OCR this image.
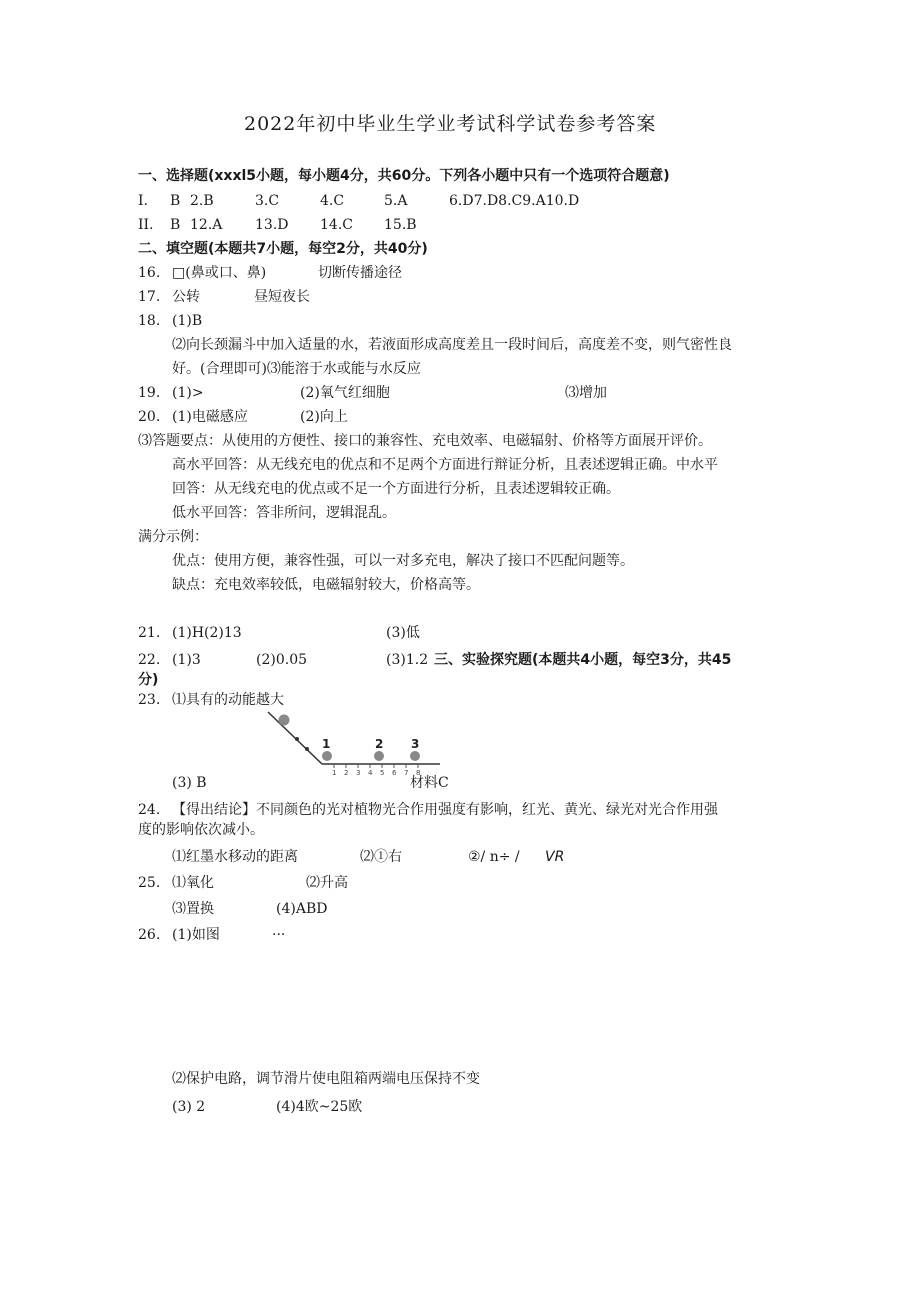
2022年初中毕业生学业考试科学试卷参考答案
一、选择题(xxxl5小题，每小题4分，共60分。下列各小题中只有一个选项符合题意)
I. B 2.B	3.C	4.C	5.A	6.D7.D8.C9.A10.D
II. B 12.A 13.D 14.C 15.B
二、填空题(本题共7小题，每空2分，共40分)
16. □(鼻或口、鼻)	切断传播途径
17. 公转	昼短夜长
18. (1)B
⑵向长颈漏斗中加入适量的水，若液面形成高度差且一段时间后，高度差不变，则气密性良
好。(合理即可)⑶能溶于水或能与水反应
19. (1)>	(2)氧气红细胞	⑶增加
20. (1)电磁感应	(2)向上
⑶答题要点：从使用的方便性、接口的兼容性、充电效率、电磁辐射、价格等方面展开评价。
高水平回答：从无线充电的优点和不足两个方面进行辩证分析，且表述逻辑正确。中水平
回答：从无线充电的优点或不足一个方面进行分析，且表述逻辑较正确。
低水平回答：答非所问，逻辑混乱。
满分示例：
优点：使用方便，兼容性强，可以一对多充电，解决了接口不匹配问题等。
缺点：充电效率较低，电磁辐射较大，价格高等。
21. (1)H(2)13	(3)低
22. (1)3	(2)0.05	(3)1.2 三、实验探究题(本题共4小题，每空3分，共45
分)
23. ⑴具有的动能越大
1	2 3
1 2 3 4 5 6 7 8
(3) B	材料C
24. 【得出结论】不同颜色的光对植物光合作用强度有影响，红光、黄光、绿光对光合作用强
度的影响依次减小。
⑴红墨水移动的距离	⑵①右	②/ n÷ / VR
25. ⑴氧化	⑵升高
⑶置换	(4)ABD
26. (1)如图	···
⑵保护电路，调节滑片使电阻箱两端电压保持不变
(3) 2	(4)4欧~25欧
